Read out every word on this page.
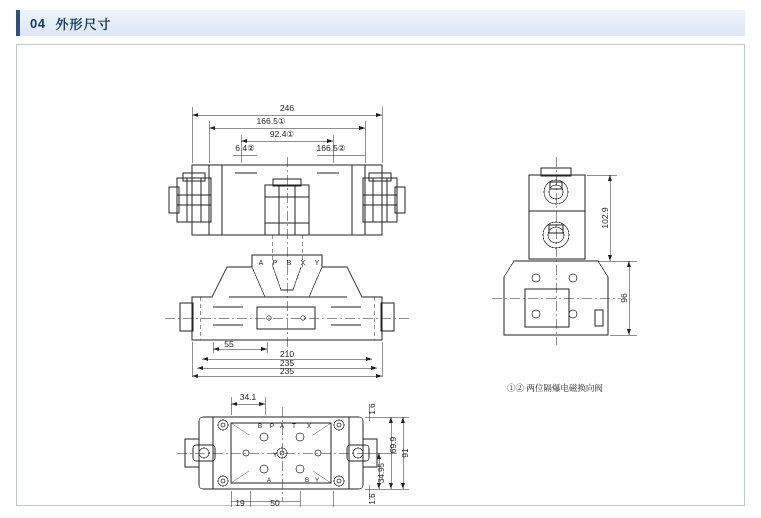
04 外形尺寸
246
166.5①
92.4①
6.4②	166.5②
55
210
235
235
A P B X Y
102.9
96
34.1
1.6
1.6
91
69.9
34.95
19	50
B P A T X
Y
A	B Y
①② 两位隔爆电磁换向阀
